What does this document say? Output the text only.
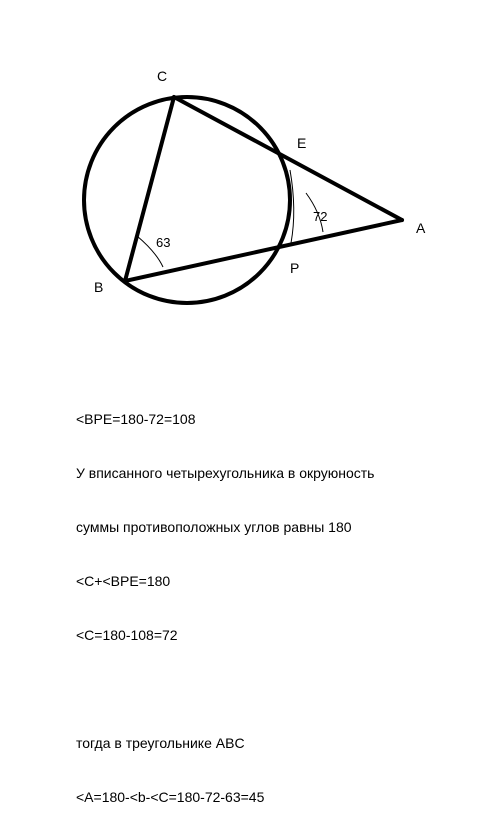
C
E
A
B
P
63
72

<BPE=180-72=108

У вписанного четырехугольника в окруюность

суммы противоположных углов равны 180

<C+<BPE=180

<C=180-108=72

тогда в треугольнике ABC

<A=180-<b-<C=180-72-63=45
